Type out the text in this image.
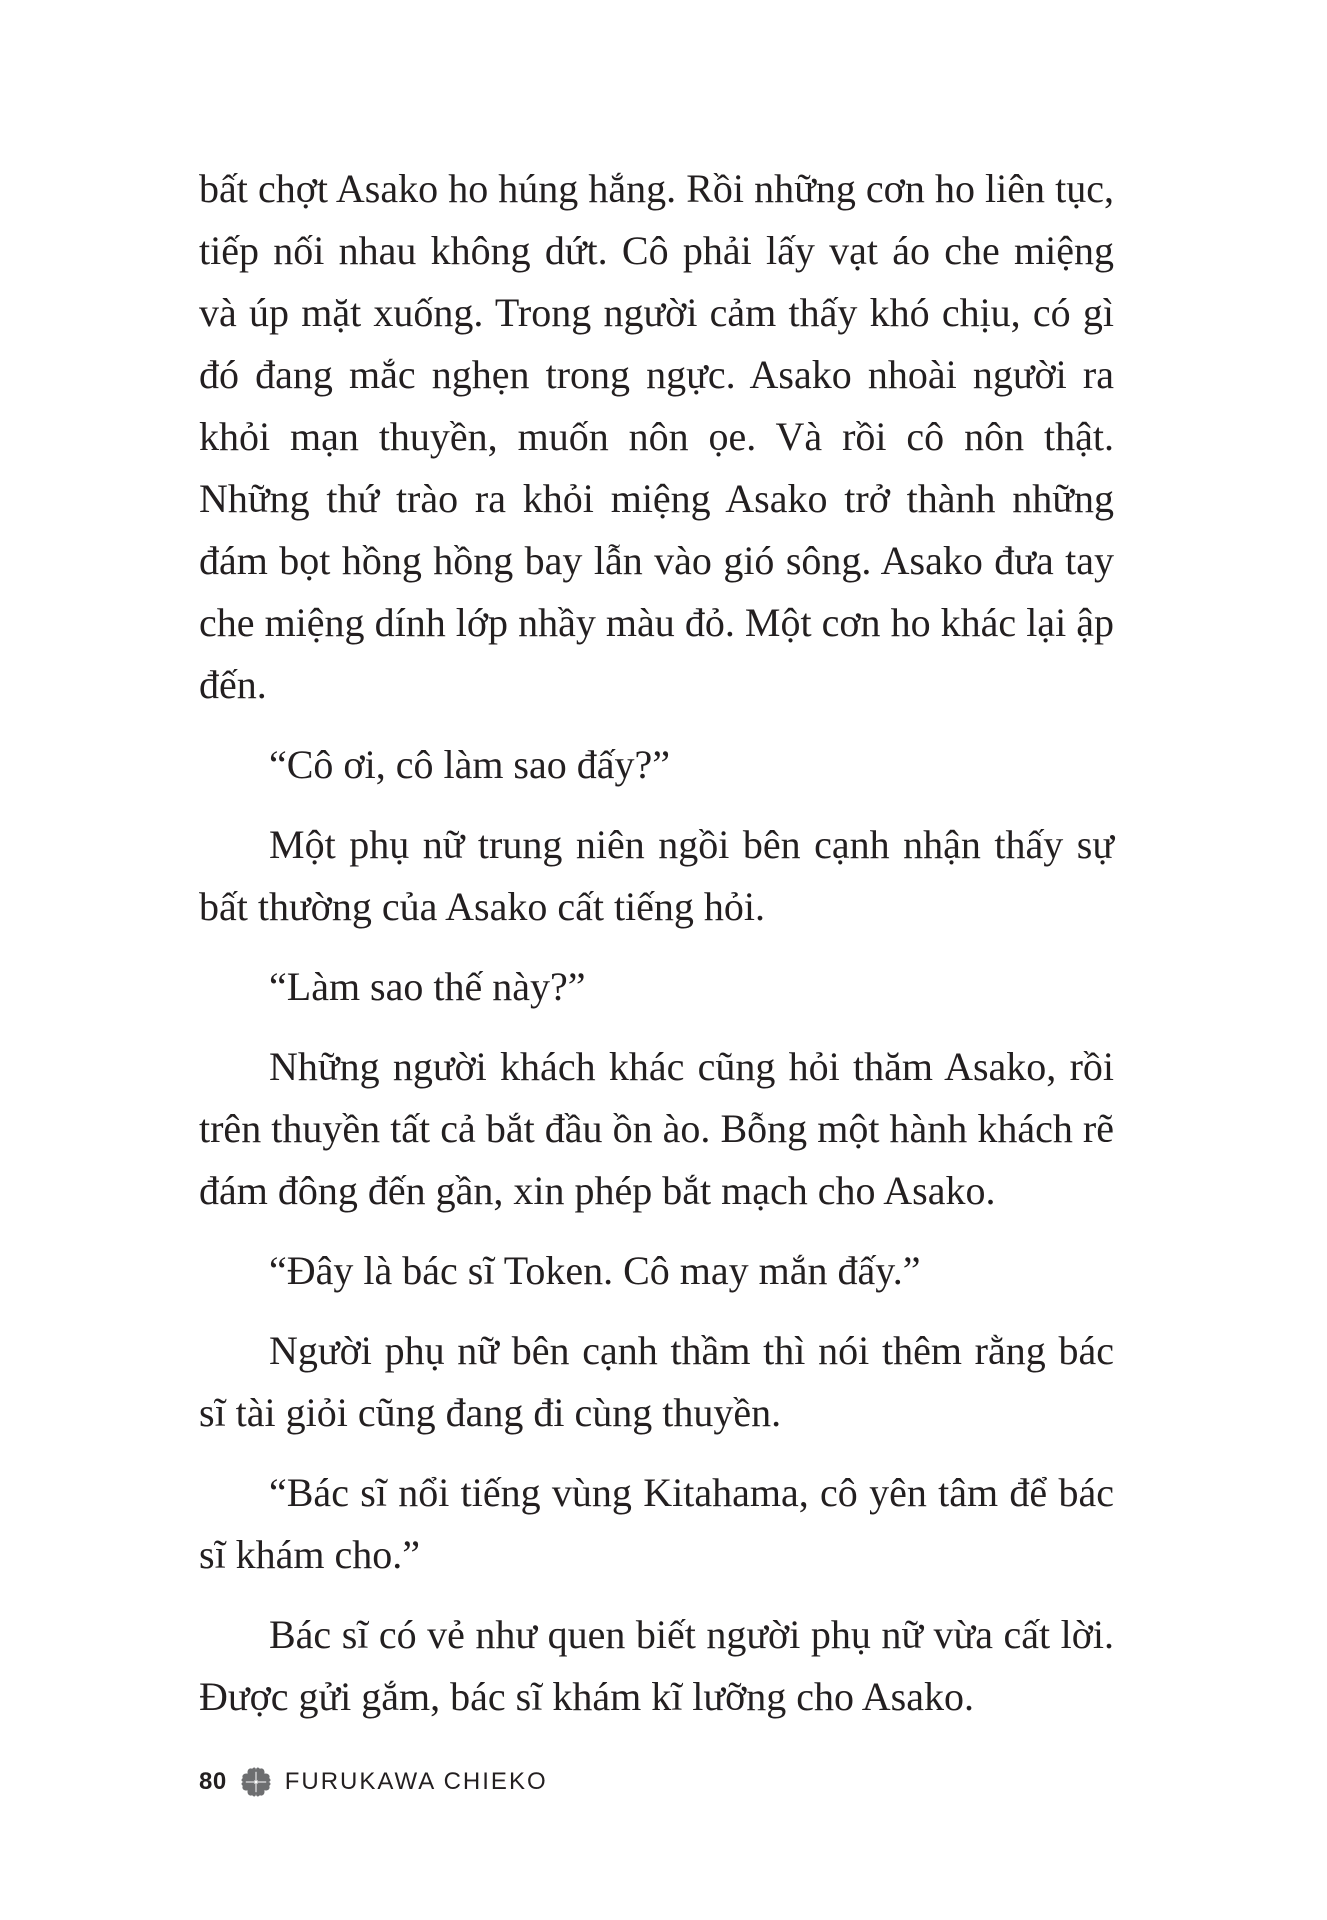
bất chợt Asako ho húng hắng. Rồi những cơn ho liên tục, tiếp nối nhau không dứt. Cô phải lấy vạt áo che miệng và úp mặt xuống. Trong người cảm thấy khó chịu, có gì đó đang mắc nghẹn trong ngực. Asako nhoài người ra khỏi mạn thuyền, muốn nôn ọe. Và rồi cô nôn thật. Những thứ trào ra khỏi miệng Asako trở thành những đám bọt hồng hồng bay lẫn vào gió sông. Asako đưa tay che miệng dính lớp nhầy màu đỏ. Một cơn ho khác lại ập đến.

“Cô ơi, cô làm sao đấy?”

Một phụ nữ trung niên ngồi bên cạnh nhận thấy sự bất thường của Asako cất tiếng hỏi.

“Làm sao thế này?”

Những người khách khác cũng hỏi thăm Asako, rồi trên thuyền tất cả bắt đầu ồn ào. Bỗng một hành khách rẽ đám đông đến gần, xin phép bắt mạch cho Asako.

“Đây là bác sĩ Token. Cô may mắn đấy.”

Người phụ nữ bên cạnh thầm thì nói thêm rằng bác sĩ tài giỏi cũng đang đi cùng thuyền.

“Bác sĩ nổi tiếng vùng Kitahama, cô yên tâm để bác sĩ khám cho.”

Bác sĩ có vẻ như quen biết người phụ nữ vừa cất lời. Được gửi gắm, bác sĩ khám kĩ lưỡng cho Asako.

80 FURUKAWA CHIEKO
